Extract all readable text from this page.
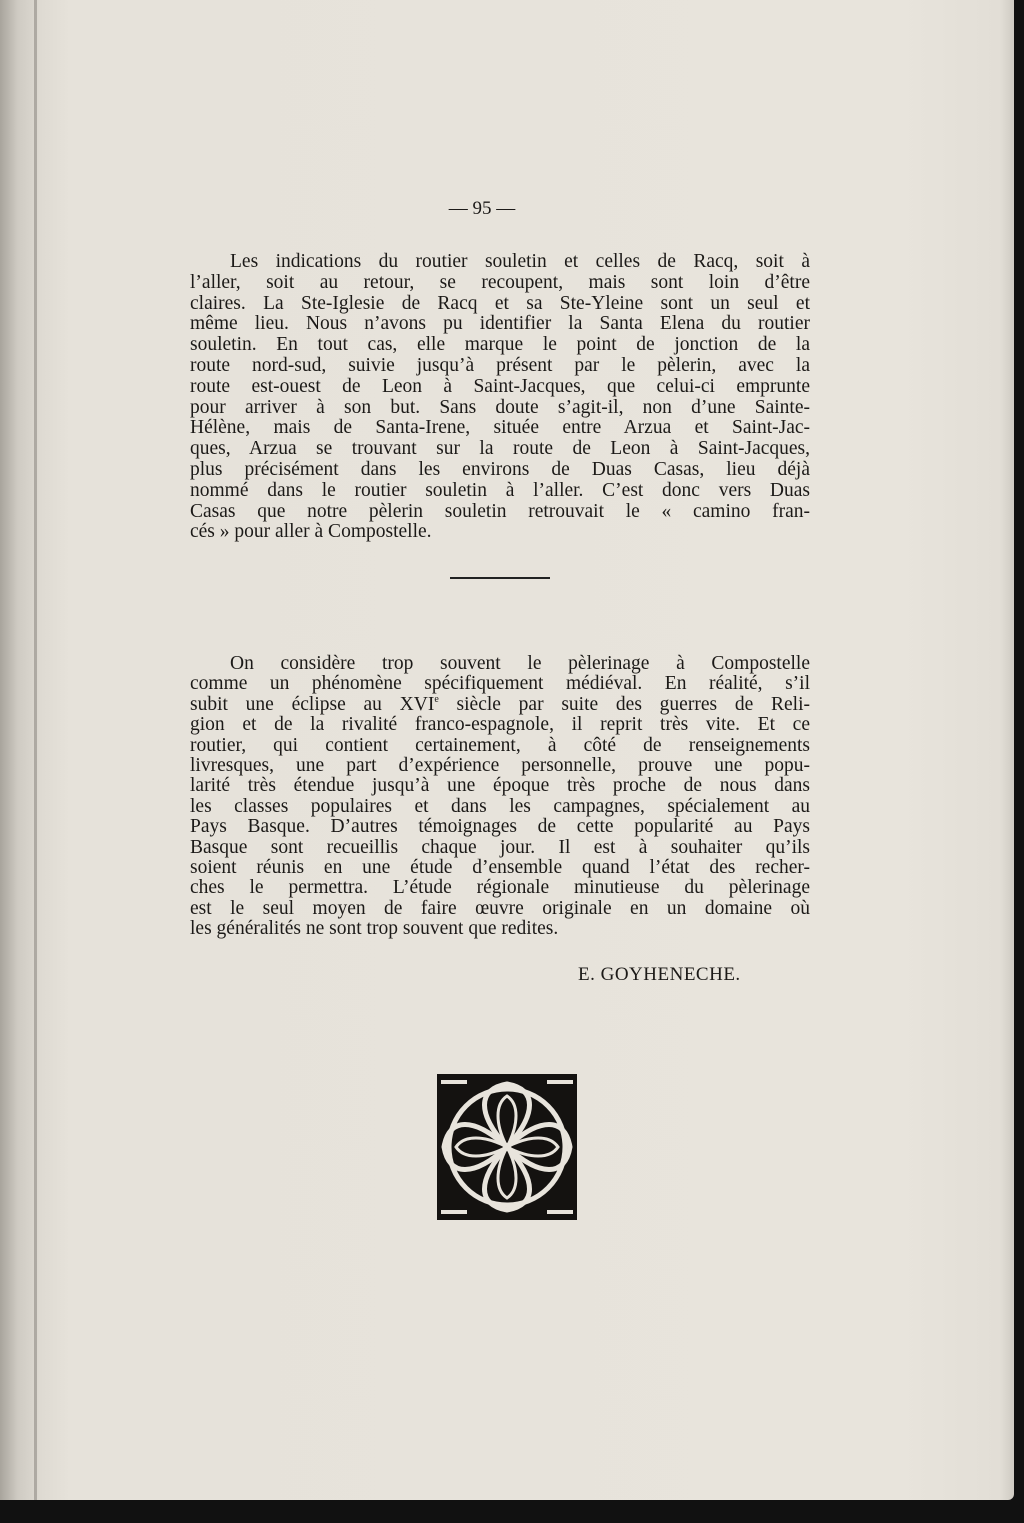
— 95 —
Les indications du routier souletin et celles de Racq, soit à
l’aller, soit au retour, se recoupent, mais sont loin d’être
claires. La Ste-Iglesie de Racq et sa Ste-Yleine sont un seul et
même lieu. Nous n’avons pu identifier la Santa Elena du routier
souletin. En tout cas, elle marque le point de jonction de la
route nord-sud, suivie jusqu’à présent par le pèlerin, avec la
route est-ouest de Leon à Saint-Jacques, que celui-ci emprunte
pour arriver à son but. Sans doute s’agit-il, non d’une Sainte-
Hélène, mais de Santa-Irene, située entre Arzua et Saint-Jac-
ques, Arzua se trouvant sur la route de Leon à Saint-Jacques,
plus précisément dans les environs de Duas Casas, lieu déjà
nommé dans le routier souletin à l’aller. C’est donc vers Duas
Casas que notre pèlerin souletin retrouvait le « camino fran-
cés » pour aller à Compostelle.
On considère trop souvent le pèlerinage à Compostelle
comme un phénomène spécifiquement médiéval. En réalité, s’il
subit une éclipse au XVIe siècle par suite des guerres de Reli-
gion et de la rivalité franco-espagnole, il reprit très vite. Et ce
routier, qui contient certainement, à côté de renseignements
livresques, une part d’expérience personnelle, prouve une popu-
larité très étendue jusqu’à une époque très proche de nous dans
les classes populaires et dans les campagnes, spécialement au
Pays Basque. D’autres témoignages de cette popularité au Pays
Basque sont recueillis chaque jour. Il est à souhaiter qu’ils
soient réunis en une étude d’ensemble quand l’état des recher-
ches le permettra. L’étude régionale minutieuse du pèlerinage
est le seul moyen de faire œuvre originale en un domaine où
les généralités ne sont trop souvent que redites.
E. GOYHENECHE.
